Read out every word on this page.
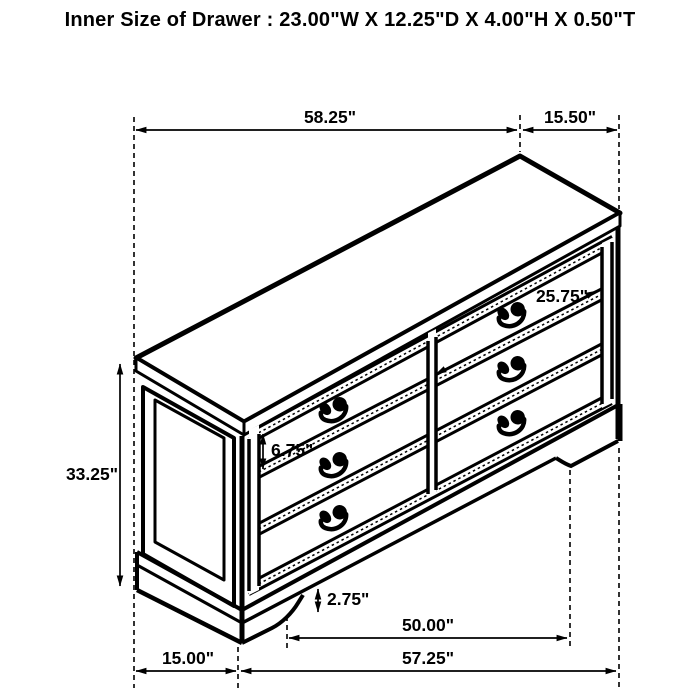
Inner Size of Drawer : 23.00"W X 12.25"D X 4.00"H X 0.50"T
58.25"	15.50"
25.75"
33.25"
6.75"
2.75"
50.00"
15.00"	57.25"
